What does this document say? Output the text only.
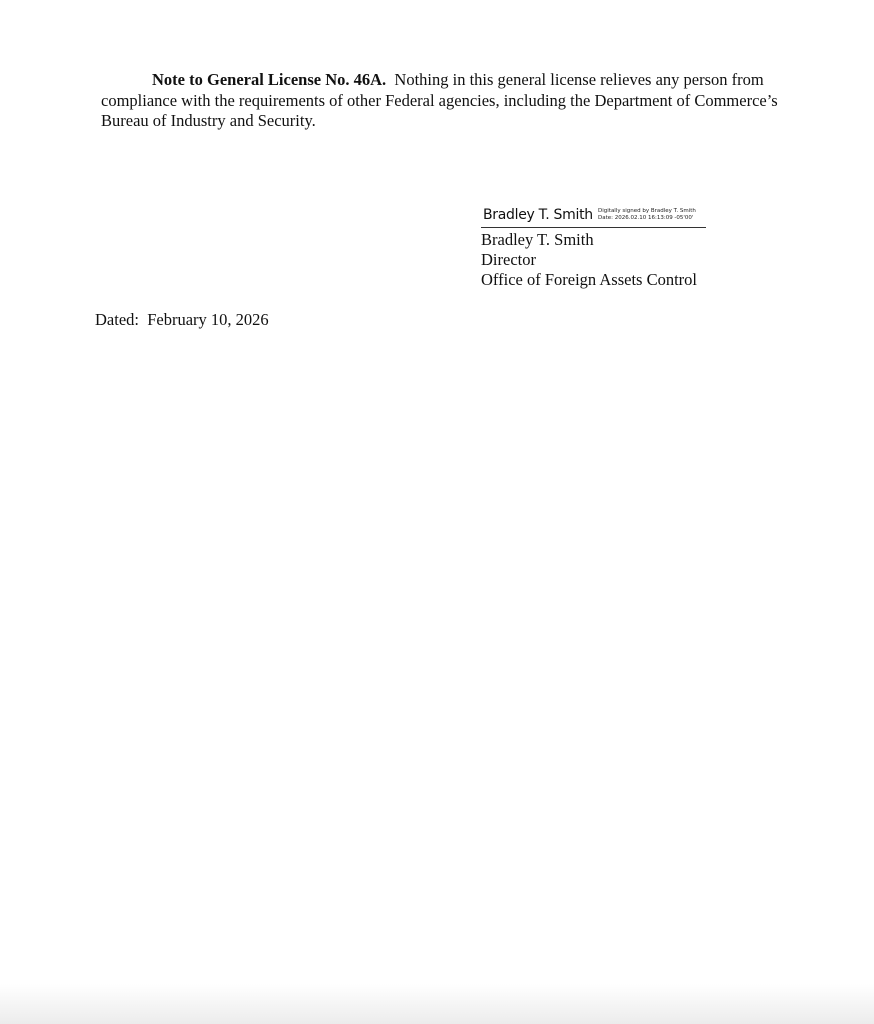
Note to General License No. 46A. Nothing in this general license relieves any person from compliance with the requirements of other Federal agencies, including the Department of Commerce’s Bureau of Industry and Security.

Bradley T. Smith Digitally signed by Bradley T. Smith
Date: 2026.02.10 16:13:09 -05'00'
Bradley T. Smith
Director
Office of Foreign Assets Control
Dated: February 10, 2026
